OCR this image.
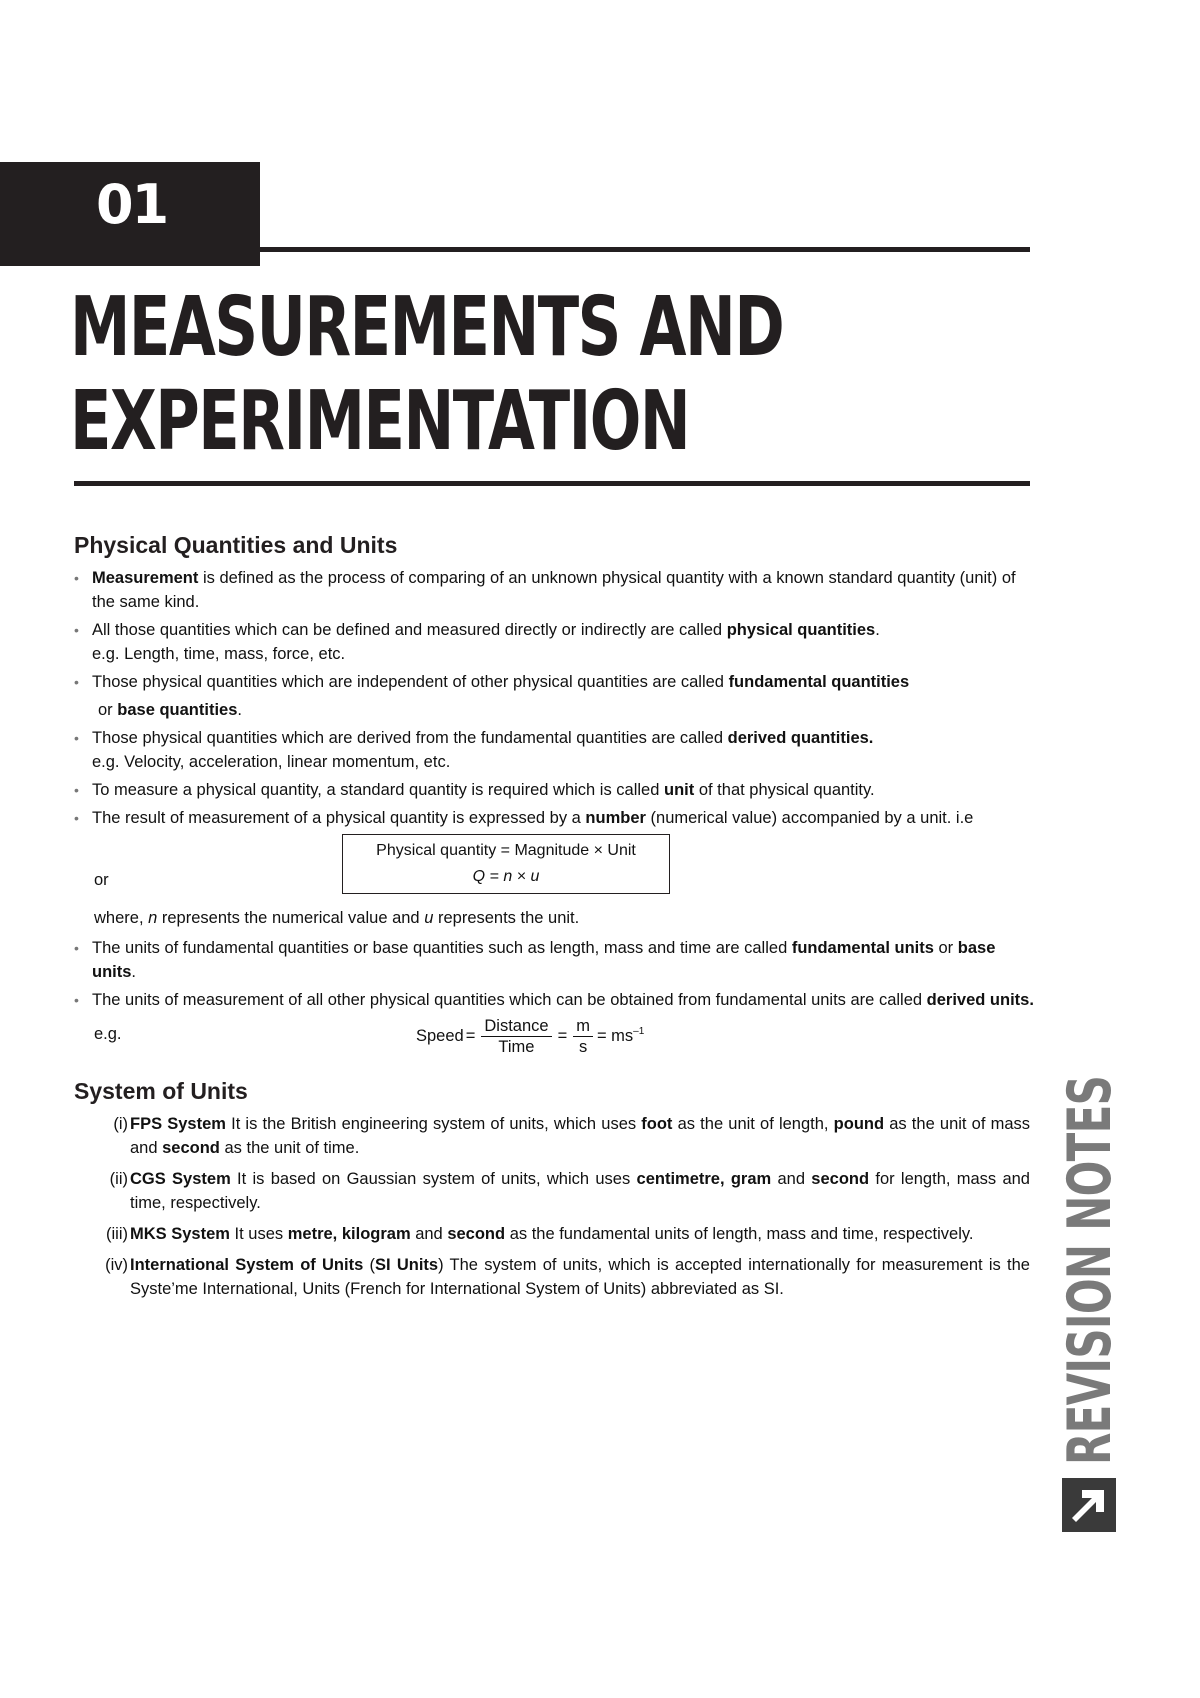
01
MEASUREMENTS AND
EXPERIMENTATION
Physical Quantities and Units
• Measurement is defined as the process of comparing of an unknown physical quantity with a known standard quantity (unit) of the same kind.
• All those quantities which can be defined and measured directly or indirectly are called physical quantities.
e.g. Length, time, mass, force, etc.
• Those physical quantities which are independent of other physical quantities are called fundamental quantities
or base quantities.
• Those physical quantities which are derived from the fundamental quantities are called derived quantities.
e.g. Velocity, acceleration, linear momentum, etc.
• To measure a physical quantity, a standard quantity is required which is called unit of that physical quantity.
• The result of measurement of a physical quantity is expressed by a number (numerical value) accompanied by a unit. i.e
or
Physical quantity = Magnitude × Unit
Q = n × u
where, n represents the numerical value and u represents the unit.
• The units of fundamental quantities or base quantities such as length, mass and time are called fundamental units or base units.
• The units of measurement of all other physical quantities which can be obtained from fundamental units are called derived units.
e.g.	Speed = $\frac{\text{Distance}}{\text{Time}} = \frac{m}{s} = ms^{-1}$
System of Units
(i) FPS System It is the British engineering system of units, which uses foot as the unit of length, pound as the unit of mass and second as the unit of time.
(ii) CGS System It is based on Gaussian system of units, which uses centimetre, gram and second for length, mass and time, respectively.
(iii) MKS System It uses metre, kilogram and second as the fundamental units of length, mass and time, respectively.
(iv) International System of Units (SI Units) The system of units, which is accepted internationally for measurement is the Syste’me International, Units (French for International System of Units) abbreviated as SI.	REVISION NOTES
